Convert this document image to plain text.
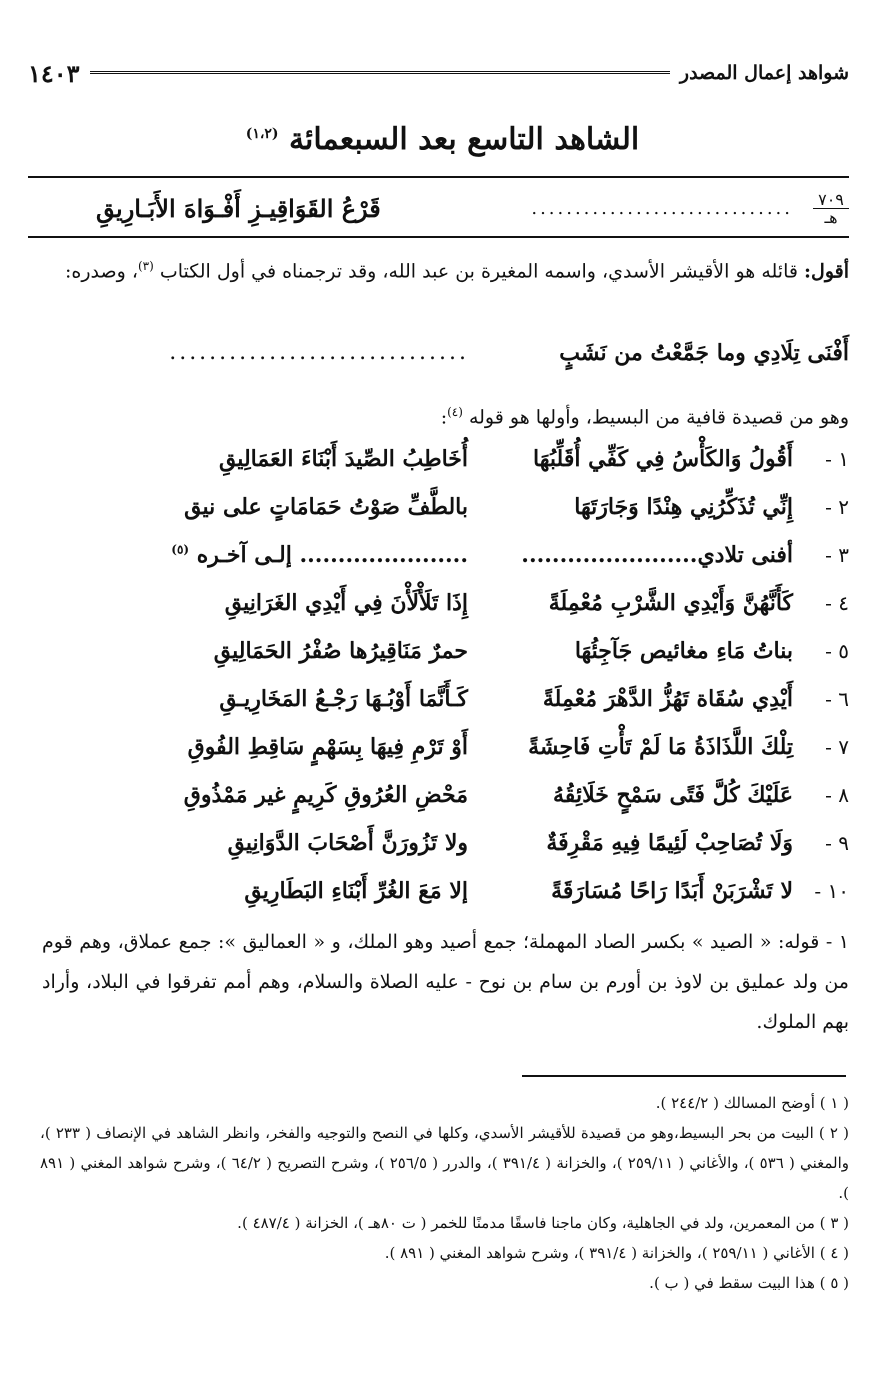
شواهد إعمال المصدر
١٤٠٣
الشاهد التاسع بعد السبعمائة $^{(١،٢)}$
٧٠٩
هـ
..............................
قَرْعُ القَوَاقِيـزِ أَفْـوَاهَ الأَبَـارِيقِ
أقول: قائله هو الأقيشر الأسدي، واسمه المغيرة بن عبد الله، وقد ترجمناه في أول الكتاب $^{(٣)}$، وصدره:
أَفْنَى تِلَادِي وما جَمَّعْتُ من نَشَبٍ
..............................
وهو من قصيدة قافية من البسيط، وأولها هو قوله $^{(٤)}$:
١ -
أَقُولُ وَالكَأْسُ فِي كَفِّي أُقَلِّبُهَا
أُخَاطِبُ الصِّيدَ أَبْنَاءَ العَمَالِيقِ
٢ -
إِنِّي تُذَكِّرُنِي هِنْدًا وَجَارَتَهَا
بالطَّفِّ صَوْتُ حَمَامَاتٍ على نيق
٣ -
أفنى تلادي.......................
...................... إلـى آخـره $^{(٥)}$
٤ -
كَأَنَّهُنَّ وَأَيْدِي الشَّرْبِ مُعْمِلَةً
إِذَا تَلَأْلَأْنَ فِي أَيْدِي الغَرَانِيقِ
٥ -
بناتُ مَاءِ مغائيص جَآجِئُهَا
حمرٌ مَنَاقِيرُها صُفْرُ الحَمَالِيقِ
٦ -
أَيْدِي سُقَاة تَهُزُّ الدَّهْرَ مُعْمِلَةً
كَـأَنَّمَا أَوْبُـهَا رَجْـعُ المَخَارِيـقِ
٧ -
تِلْكَ اللَّذَاذَةُ مَا لَمْ تَأْتِ فَاحِشَةً
أَوْ تَرْمِ فِيهَا بِسَهْمٍ سَاقِطِ الفُوقِ
٨ -
عَلَيْكَ كُلَّ فَتًى سَمْحٍ خَلَائِقُهُ
مَحْضِ العُرُوقِ كَرِيمٍ غير مَمْذُوقِ
٩ -
وَلَا تُصَاحِبْ لَئِيمًا فِيهِ مَقْرِفَةٌ
ولا تَزُورَنَّ أَصْحَابَ الدَّوَانِيقِ
١٠ -
لا تَشْرَبَنْ أَبَدًا رَاحًا مُسَارَقَةً
إلا مَعَ الغُرِّ أَبْنَاءِ البَطَارِيقِ
١ - قوله: « الصيد » بكسر الصاد المهملة؛ جمع أصيد وهو الملك، و « العماليق »: جمع عملاق، وهم قوم من ولد عمليق بن لاوذ بن أورم بن سام بن نوح - عليه الصلاة والسلام، وهم أمم تفرقوا في البلاد، وأراد بهم الملوك.
( ١ ) أوضح المسالك ( ٢٤٤/٢ ).
( ٢ ) البيت من بحر البسيط،وهو من قصيدة للأقيشر الأسدي، وكلها في النصح والتوجيه والفخر، وانظر الشاهد في الإنصاف ( ٢٣٣ )، والمغني ( ٥٣٦ )، والأغاني ( ٢٥٩/١١ )، والخزانة ( ٣٩١/٤ )، والدرر ( ٢٥٦/٥ )، وشرح التصريح ( ٦٤/٢ )، وشرح شواهد المغني ( ٨٩١ ).
( ٣ ) من المعمرين، ولد في الجاهلية، وكان ماجنا فاسقًا مدمنًا للخمر ( ت ٨٠هـ )، الخزانة ( ٤٨٧/٤ ).
( ٤ ) الأغاني ( ٢٥٩/١١ )، والخزانة ( ٣٩١/٤ )، وشرح شواهد المغني ( ٨٩١ ).
( ٥ ) هذا البيت سقط في ( ب ).
